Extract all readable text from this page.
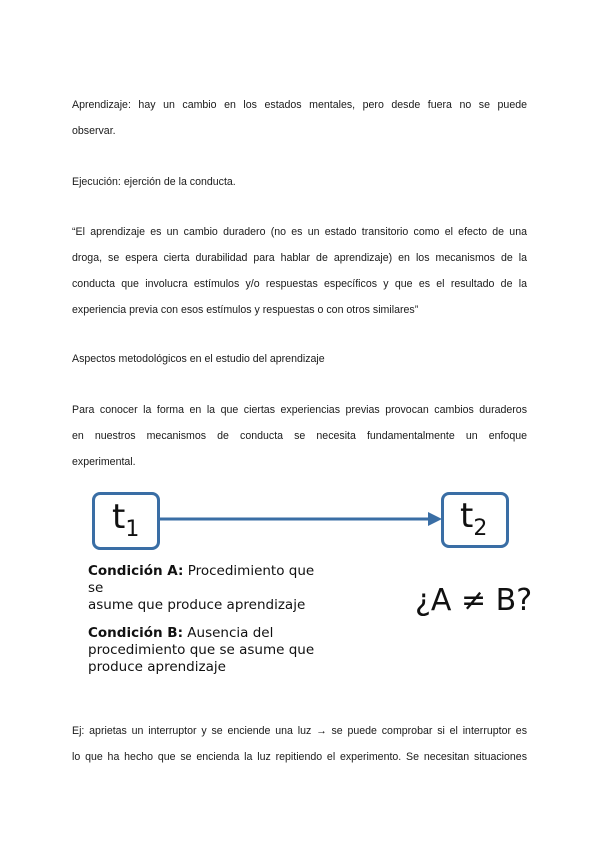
Aprendizaje: hay un cambio en los estados mentales, pero desde fuera no se puede
observar.

Ejecución: ejerción de la conducta.

“El aprendizaje es un cambio duradero (no es un estado transitorio como el efecto de una
droga, se espera cierta durabilidad para hablar de aprendizaje) en los mecanismos de la
conducta que involucra estímulos y/o respuestas específicos y que es el resultado de la
experiencia previa con esos estímulos y respuestas o con otros similares”

Aspectos metodológicos en el estudio del aprendizaje

Para conocer la forma en la que ciertas experiencias previas provocan cambios duraderos
en nuestros mecanismos de conducta se necesita fundamentalmente un enfoque
experimental.

$t_1$	$t_2$
Condición A: Procedimiento que se
asume que produce aprendizaje	¿A ≠ B?
Condición B: Ausencia del
procedimiento que se asume que
produce aprendizaje

Ej: aprietas un interruptor y se enciende una luz → se puede comprobar si el interruptor es
lo que ha hecho que se encienda la luz repitiendo el experimento. Se necesitan situaciones
